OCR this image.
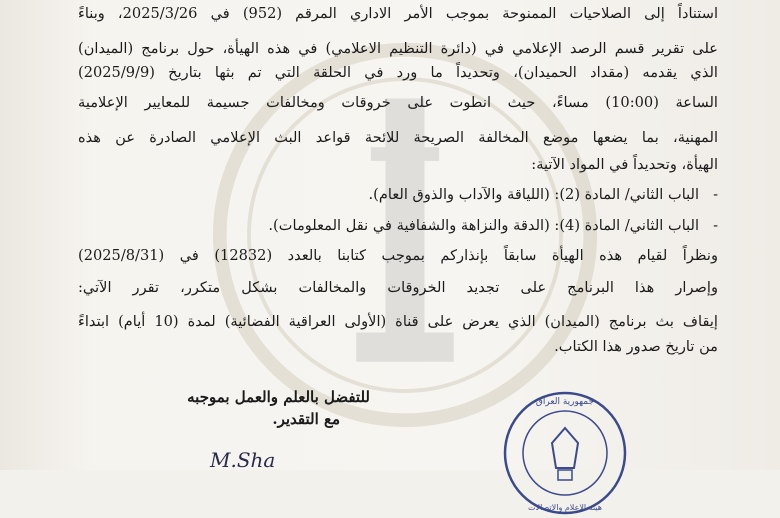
استناداً إلى الصلاحيات الممنوحة بموجب الأمر الاداري المرقم (952) في 2025/3/26، وبناءً
على تقرير قسم الرصد الإعلامي في (دائرة التنظيم الاعلامي) في هذه الهيأة، حول برنامج (الميدان)
الذي يقدمه (مقداد الحميدان)، وتحديداً ما ورد في الحلقة التي تم بثها بتاريخ (2025/9/9)
الساعة (10:00) مساءً، حيث انطوت على خروقات ومخالفات جسيمة للمعايير الإعلامية
المهنية، بما يضعها موضع المخالفة الصريحة للائحة قواعد البث الإعلامي الصادرة عن هذه
الهيأة، وتحديداً في المواد الآتية:
- الباب الثاني/ المادة (2): (اللياقة والآداب والذوق العام).
- الباب الثاني/ المادة (4): (الدقة والنزاهة والشفافية في نقل المعلومات).
ونظراً لقيام هذه الهيأة سابقاً بإنذاركم بموجب كتابنا بالعدد (12832) في (2025/8/31)
وإصرار هذا البرنامج على تجديد الخروقات والمخالفات بشكل متكرر، تقرر الآتي:
إيقاف بث برنامج (الميدان) الذي يعرض على قناة (الأولى العراقية الفضائية) لمدة (10 أيام) ابتداءً
من تاريخ صدور هذا الكتاب.
للتفضل بالعلم والعمل بموجبه
مع التقدير.
جمهورية العراق
هيئة الإعلام والاتصالات
M.Sha
